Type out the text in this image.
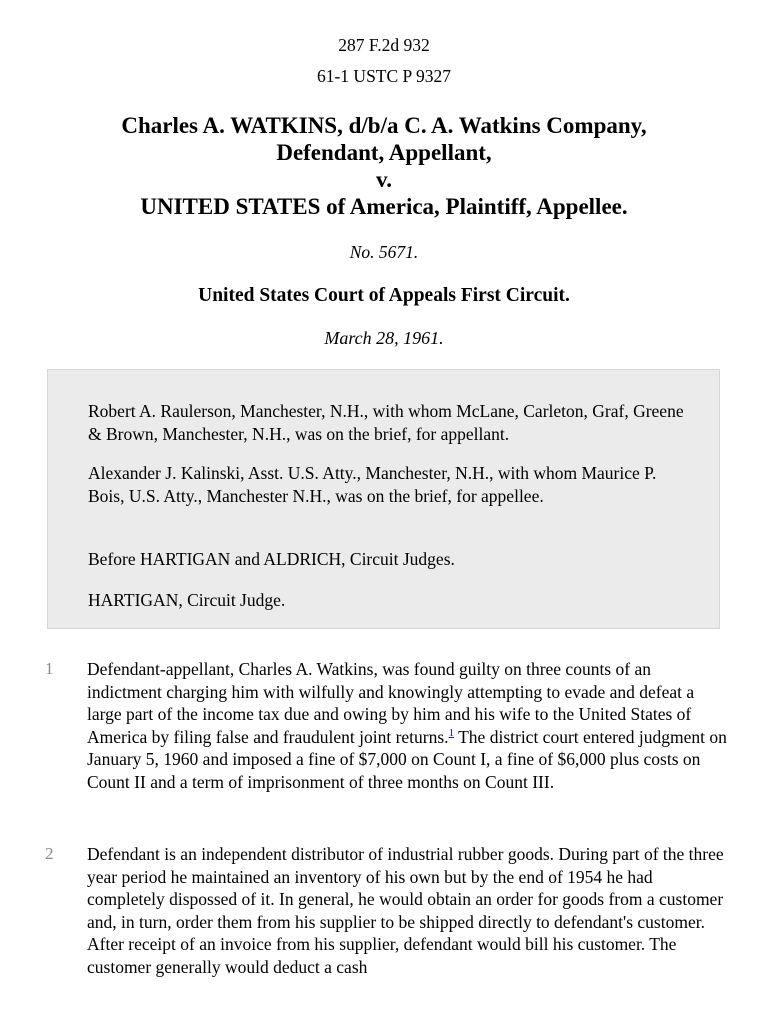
287 F.2d 932
61-1 USTC P 9327
Charles A. WATKINS, d/b/a C. A. Watkins Company,
Defendant, Appellant,
v.
UNITED STATES of America, Plaintiff, Appellee.
No. 5671.
United States Court of Appeals First Circuit.
March 28, 1961.

Robert A. Raulerson, Manchester, N.H., with whom McLane, Carleton, Graf, Greene & Brown, Manchester, N.H., was on the brief, for appellant.

Alexander J. Kalinski, Asst. U.S. Atty., Manchester, N.H., with whom Maurice P. Bois, U.S. Atty., Manchester N.H., was on the brief, for appellee.

Before HARTIGAN and ALDRICH, Circuit Judges.

HARTIGAN, Circuit Judge.

1	Defendant-appellant, Charles A. Watkins, was found guilty on three counts of an indictment charging him with wilfully and knowingly attempting to evade and defeat a large part of the income tax due and owing by him and his wife to the United States of America by filing false and fraudulent joint returns.$^1$ The district court entered judgment on January 5, 1960 and imposed a fine of $7,000 on Count I, a fine of $6,000 plus costs on Count II and a term of imprisonment of three months on Count III.
2	Defendant is an independent distributor of industrial rubber goods. During part of the three year period he maintained an inventory of his own but by the end of 1954 he had completely dispossed of it. In general, he would obtain an order for goods from a customer and, in turn, order them from his supplier to be shipped directly to defendant's customer. After receipt of an invoice from his supplier, defendant would bill his customer. The customer generally would deduct a cash
